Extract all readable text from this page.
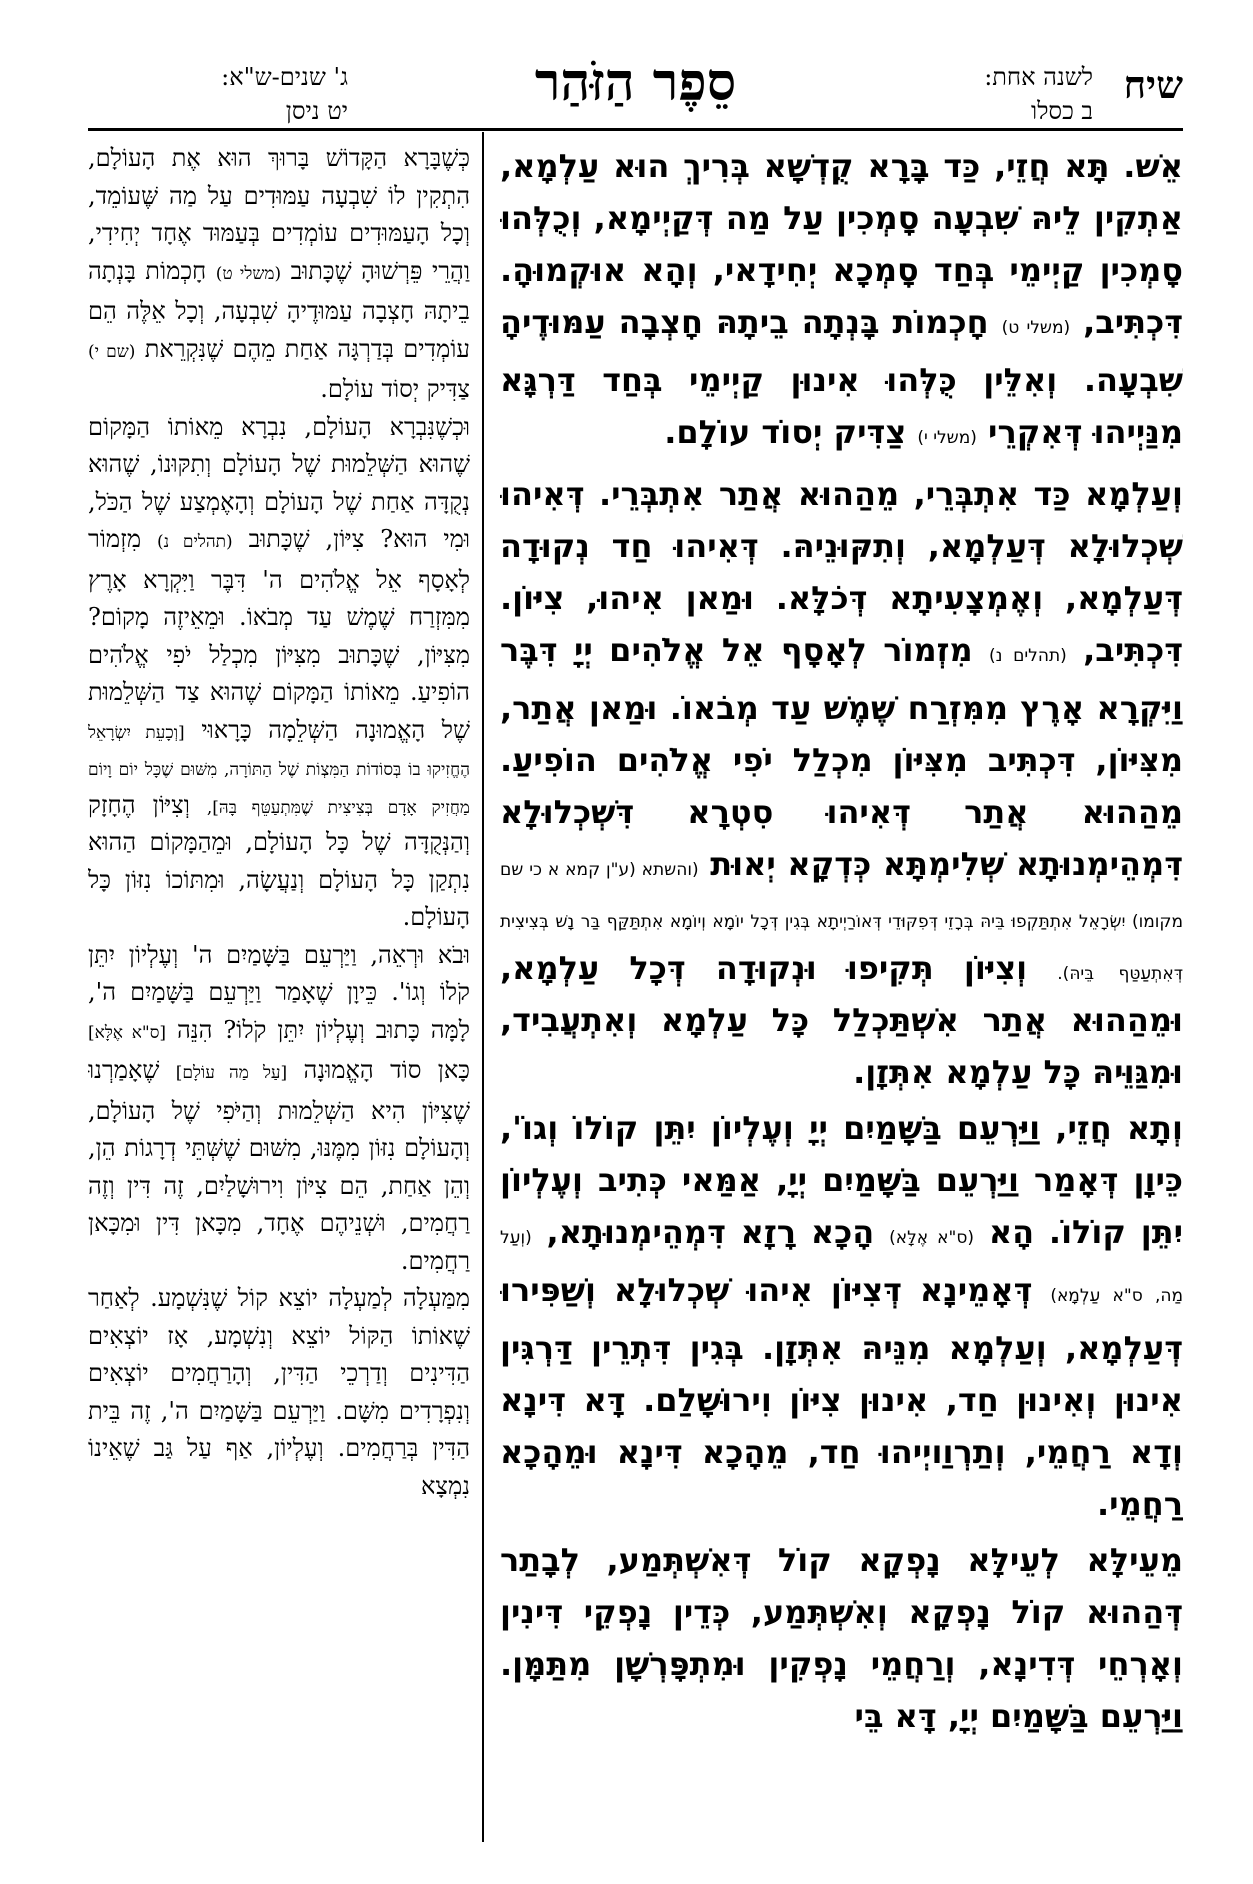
שיח
לשנה אחת:
ב כסלו
סֵפֶר הַזֹּהַר
ג' שנים-ש"א:
יט ניסן

אֵשׁ. תָּא חֲזֵי, כַּד בָּרָא קֻדְשָׁא בְּרִיךְ הוּא עַלְמָא, אַתְקִין לֵיהּ שִׁבְעָה סָמְכִין עַל מַה דְּקַיְימָא, וְכֻלְּהוּ סָמְכִין קַיְימֵי בְּחַד סָמְכָא יְחִידָאי, וְהָא אוּקְמוּהָ. דִּכְתִּיב, (משלי ט) חָכְמוֹת בָּנְתָה בֵיתָהּ חָצְבָה עַמּוּדֶיהָ שִׁבְעָה. וְאִלֵּין כֻּלְּהוּ אִינוּן קַיְימֵי בְּחַד דַּרְגָּא מִנַּיְיהוּ דְּאִקְרֵי (משלי י) צַדִּיק יְסוֹד עוֹלָם.

וְעַלְמָא כַּד אִתְבְּרֵי, מֵהַהוּא אֲתַר אִתְבְּרֵי. דְּאִיהוּ שְׁכְלוּלָא דְּעַלְמָא, וְתִקּוּנֵיהּ. דְּאִיהוּ חַד נְקוּדָה דְּעַלְמָא, וְאֶמְצָעִיתָא דְּכֹלָּא. וּמַאן אִיהוּ, צִיּוֹן. דִּכְתִּיב, (תהלים נ) מִזְמוֹר לְאָסָף אֵל אֱלֹהִים יְיָ דִּבֶּר וַיִּקְרָא אָרֶץ מִמִּזְרַח שֶׁמֶשׁ עַד מְבֹאוֹ. וּמַאן אֲתַר, מִצִּיּוֹן, דִּכְתִּיב מִצִּיּוֹן מִכְלַל יֹפִי אֱלֹהִים הוֹפִיעַ. מֵהַהוּא אֲתַר דְּאִיהוּ סִטְרָא דִּשְׁכְלוּלָא דִּמְהֵימְנוּתָא שְׁלִימְתָּא כְּדְקָא יְאוּת (והשתא (ע"ן קמא א כי שם מקומו) יִשְׂרָאֵל אִתְתַּקְפוּ בֵּיהּ בְּרָזֵי דְּפִקּוּדֵי דְּאוֹרַיְיתָא בְּגִין דְּכָל יוֹמָא וְיוֹמָא אִתְתַּקַּף בַּר נָשׁ בְּצִיצִית דְּאִתְעַטַּף בֵּיהּ). וְצִיּוֹן תְּקִיפוּ וּנְקוּדָה דְּכָל עַלְמָא, וּמֵהַהוּא אֲתַר אִשְׁתַּכְלַל כָּל עַלְמָא וְאִתְעֲבִיד, וּמִגַּוֵּיהּ כָּל עַלְמָא אִתְּזָן.

וְתָא חֲזֵי, וַיַּרְעֵם בַּשָּׁמַיִם יְיָ וְעֶלְיוֹן יִתֵּן קוֹלוֹ וְגוֹ', כֵּיוָן דְּאָמַר וַיַּרְעֵם בַּשָּׁמַיִם יְיָ, אַמַּאי כְּתִיב וְעֶלְיוֹן יִתֵּן קוֹלוֹ. הָא (ס"א אֶלָּא) הָכָא רָזָא דִּמְהֵימְנוּתָא, (וְעַל מַה, ס"א עַלְמָא) דְּאָמֵינָא דְּצִיּוֹן אִיהוּ שְׁכְלוּלָא וְשַׁפִּירוּ דְּעַלְמָא, וְעַלְמָא מִנֵּיהּ אִתְּזָן. בְּגִין דִּתְרֵין דַּרְגִּין אִינוּן וְאִינוּן חַד, אִינוּן צִיּוֹן וִירוּשָׁלַ‍ִם. דָּא דִּינָא וְדָא רַחֲמֵי, וְתַרְוַויְיהוּ חַד, מֵהָכָא דִּינָא וּמֵהָכָא רַחֲמֵי.

מֵעֵילָּא לְעֵילָּא נָפְקָא קוֹל דְּאִשְׁתְּמַע, לְבָתַר דְּהַהוּא קוֹל נָפְקָא וְאִשְׁתְּמַע, כְּדֵין נָפְקֵי דִּינִין וְאָרְחֵי דְּדִינָא, וְרַחֲמֵי נָפְקִין וּמִתְפָּרְשָׁן מִתַּמָּן. וַיַּרְעֵם בַּשָּׁמַיִם יְיָ, דָּא בֵּי

כְּשֶׁבָּרָא הַקָּדוֹשׁ בָּרוּךְ הוּא אֶת הָעוֹלָם, הִתְקִין לוֹ שִׁבְעָה עַמּוּדִים עַל מַה שֶּׁעוֹמֵד, וְכָל הָעַמּוּדִים עוֹמְדִים בְּעַמּוּד אֶחָד יְחִידִי, וַהֲרֵי פֵּרְשׁוּהָ שֶׁכָּתוּב (משלי ט) חָכְמוֹת בָּנְתָה בֵיתָהּ חָצְבָה עַמּוּדֶיהָ שִׁבְעָה, וְכָל אֵלֶּה הֵם עוֹמְדִים בְּדַרְגָּה אַחַת מֵהֶם שֶׁנִּקְרֵאת (שם י) צַדִּיק יְסוֹד עוֹלָם.

וּכְשֶׁנִּבְרָא הָעוֹלָם, נִבְרָא מֵאוֹתוֹ הַמָּקוֹם שֶׁהוּא הַשְּׁלֵמוּת שֶׁל הָעוֹלָם וְתִקּוּנוֹ, שֶׁהוּא נְקֻדָּה אַחַת שֶׁל הָעוֹלָם וְהָאֶמְצַע שֶׁל הַכֹּל, וּמִי הוּא? צִיּוֹן, שֶׁכָּתוּב (תהלים נ) מִזְמוֹר לְאָסָף אֵל אֱלֹהִים ה' דִּבֶּר וַיִּקְרָא אָרֶץ מִמִּזְרַח שֶׁמֶשׁ עַד מְבֹאוֹ. וּמֵאֵיזֶה מָקוֹם? מִצִּיּוֹן, שֶׁכָּתוּב מִצִּיּוֹן מִכְלַל יֹפִי אֱלֹהִים הוֹפִיעַ. מֵאוֹתוֹ הַמָּקוֹם שֶׁהוּא צַד הַשְּׁלֵמוּת שֶׁל הָאֱמוּנָה הַשְּׁלֵמָה כָּרָאוּי [וְכָעֵת יִשְׂרָאֵל הֶחֱזִיקוּ בוֹ בְּסוֹדוֹת הַמִּצְוֹת שֶׁל הַתּוֹרָה, מִשּׁוּם שֶׁכָּל יוֹם וָיוֹם מַחֲזִיק אָדָם בְּצִיצִית שֶׁמִּתְעַטֵּף בָּהּ], וְצִיּוֹן הֶחָזָק וְהַנְּקֻדָּה שֶׁל כָּל הָעוֹלָם, וּמֵהַמָּקוֹם הַהוּא נִתְקַן כָּל הָעוֹלָם וְנַעֲשָׂה, וּמִתּוֹכוֹ נִזּוֹן כָּל הָעוֹלָם.

וּבֹא וּרְאֵה, וַיַּרְעֵם בַּשָּׁמַיִם ה' וְעֶלְיוֹן יִתֵּן קֹלוֹ וְגוֹ'. כֵּיוָן שֶׁאָמַר וַיַּרְעֵם בַּשָּׁמַיִם ה', לָמָּה כָּתוּב וְעֶלְיוֹן יִתֵּן קֹלוֹ? הִנֵּה [ס"א אֶלָּא] כָּאן סוֹד הָאֱמוּנָה [עַל מַה עוֹלָם] שֶׁאָמַרְנוּ שֶׁצִּיּוֹן הִיא הַשְּׁלֵמוּת וְהַיֹּפִי שֶׁל הָעוֹלָם, וְהָעוֹלָם נִזּוֹן מִמֶּנּוּ, מִשּׁוּם שֶׁשְּׁתֵּי דְרָגוֹת הֵן, וְהֵן אַחַת, הֵם צִיּוֹן וִירוּשָׁלַיִם, זֶה דִּין וְזֶה רַחֲמִים, וּשְׁנֵיהֶם אֶחָד, מִכָּאן דִּין וּמִכָּאן רַחֲמִים.

מִמַּעְלָה לְמַעְלָה יוֹצֵא קוֹל שֶׁנִּשְׁמָע. לְאַחַר שֶׁאוֹתוֹ הַקּוֹל יוֹצֵא וְנִשְׁמָע, אָז יוֹצְאִים הַדִּינִים וְדַרְכֵי הַדִּין, וְהָרַחֲמִים יוֹצְאִים וְנִפְרָדִים מִשָּׁם. וַיַּרְעֵם בַּשָּׁמַיִם ה', זֶה בֵּית הַדִּין בְּרַחֲמִים. וְעֶלְיוֹן, אַף עַל גַּב שֶׁאֵינוֹ נִמְצָא
